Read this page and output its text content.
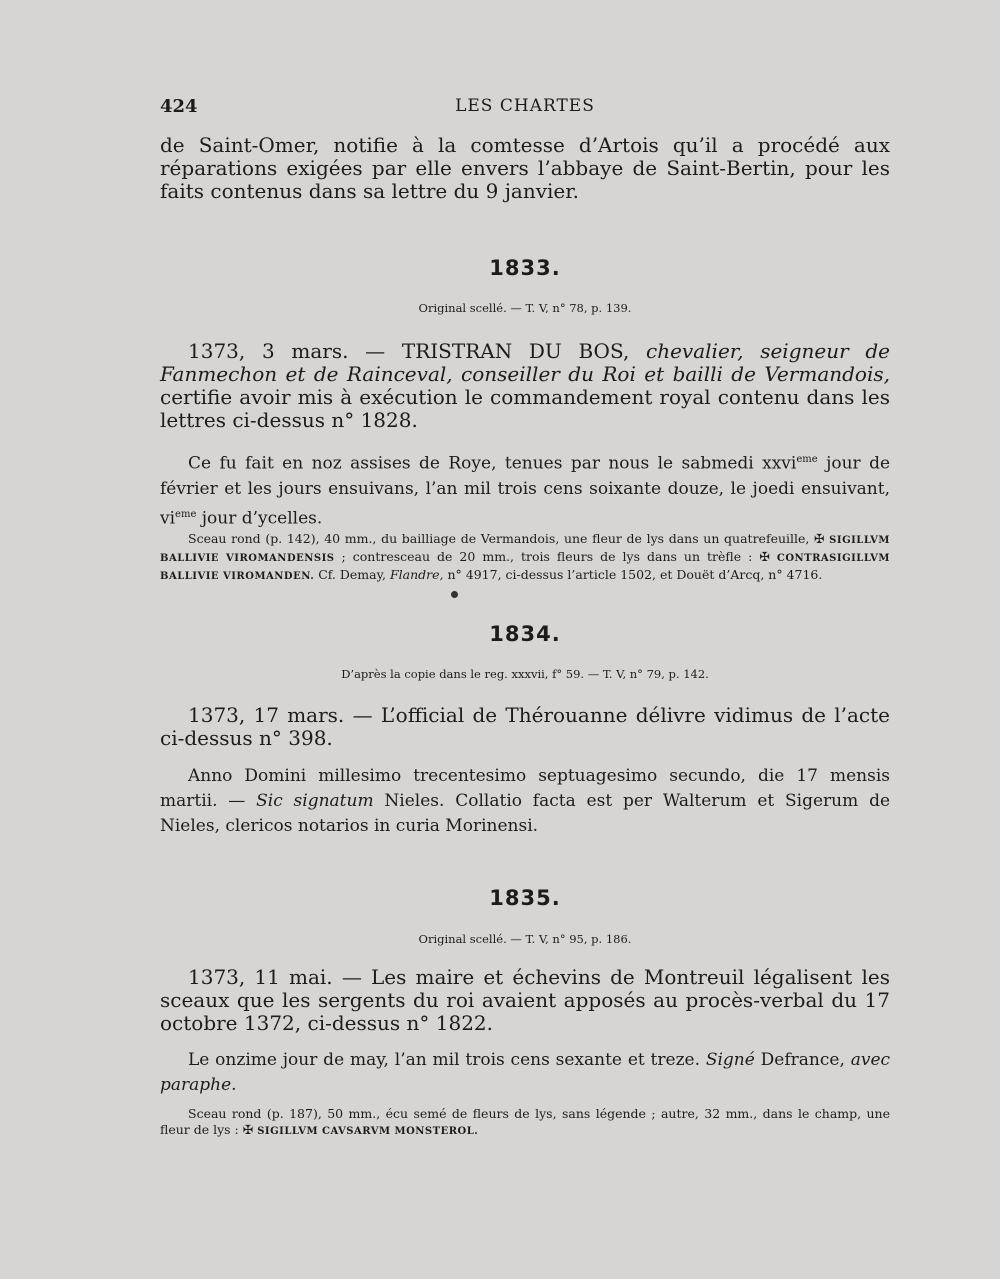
424	LES CHARTES
de Saint-Omer, notifie à la comtesse d’Artois qu’il a procédé aux réparations exigées par elle envers l’abbaye de Saint-Bertin, pour les faits contenus dans sa lettre du 9 janvier.
1833.
Original scellé. — T. V, n° 78, p. 139.
1373, 3 mars. — TRISTRAN DU BOS, chevalier, seigneur de Fanmechon et de Rainceval, conseiller du Roi et bailli de Vermandois, certifie avoir mis à exécution le commandement royal contenu dans les lettres ci-dessus n° 1828.
Ce fu fait en noz assises de Roye, tenues par nous le sabmedi xxvi$^{eme}$ jour de février et les jours ensuivans, l’an mil trois cens soixante douze, le joedi ensuivant, $vi^{eme}$ jour d’ycelles.
Sceau rond (p. 142), 40 mm., du bailliage de Vermandois, une fleur de lys dans un quatrefeuille, ✠ SIGILLVM BALLIVIE VIROMANDENSIS ; contresceau de 20 mm., trois fleurs de lys dans un trèfle : ✠ CONTRASIGILLVM BALLIVIE VIROMANDEN. Cf. Demay, Flandre, n° 4917, ci-dessus l’article 1502, et Douët d’Arcq, n° 4716.
1834.
D’après la copie dans le reg. xxxvii, f° 59. — T. V, n° 79, p. 142.
1373, 17 mars. — L’official de Thérouanne délivre vidimus de l’acte ci-dessus n° 398.
Anno Domini millesimo trecentesimo septuagesimo secundo, die 17 mensis martii. — Sic signatum Nieles. Collatio facta est per Walterum et Sigerum de Nieles, clericos notarios in curia Morinensi.
1835.
Original scellé. — T. V, n° 95, p. 186.
1373, 11 mai. — Les maire et échevins de Montreuil légalisent les sceaux que les sergents du roi avaient apposés au procès-verbal du 17 octobre 1372, ci-dessus n° 1822.
Le onzime jour de may, l’an mil trois cens sexante et treze. Signé Defrance, avec paraphe.
Sceau rond (p. 187), 50 mm., écu semé de fleurs de lys, sans légende ; autre, 32 mm., dans le champ, une fleur de lys : ✠ SIGILLVM CAVSARVM MONSTEROL.
